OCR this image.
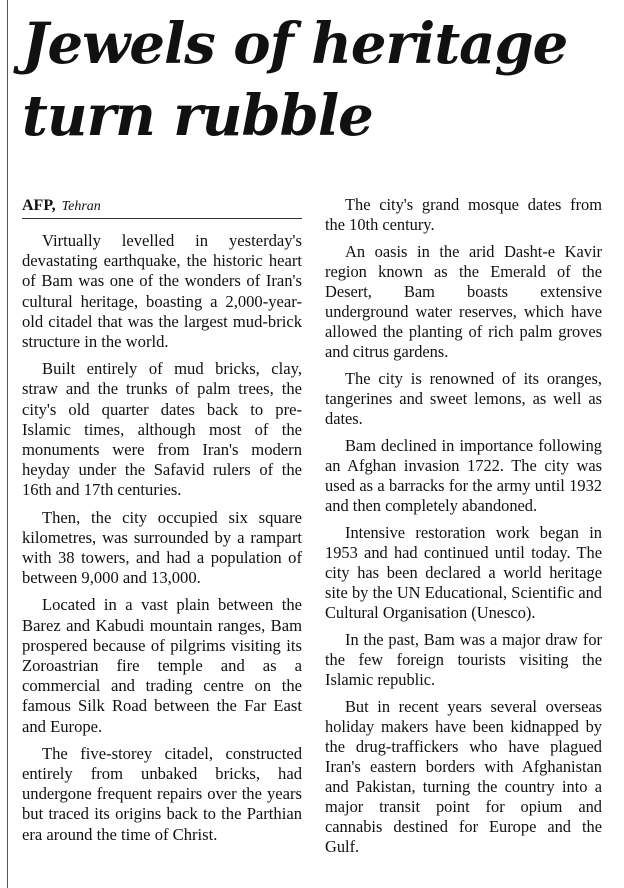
Jewels of heritage
turn rubble
AFP, Tehran

Virtually levelled in yesterday's devastating earthquake, the historic heart of Bam was one of the wonders of Iran's cultural heritage, boasting a 2,000-year-old citadel that was the largest mud-brick structure in the world.

Built entirely of mud bricks, clay, straw and the trunks of palm trees, the city's old quarter dates back to pre-Islamic times, although most of the monuments were from Iran's modern heyday under the Safavid rulers of the 16th and 17th centuries.

Then, the city occupied six square kilometres, was surrounded by a rampart with 38 towers, and had a population of between 9,000 and 13,000.

Located in a vast plain between the Barez and Kabudi mountain ranges, Bam prospered because of pilgrims visiting its Zoroastrian fire temple and as a commercial and trading centre on the famous Silk Road between the Far East and Europe.

The five-storey citadel, constructed entirely from unbaked bricks, had undergone frequent repairs over the years but traced its origins back to the Parthian era around the time of Christ.

The city's grand mosque dates from the 10th century.

An oasis in the arid Dasht-e Kavir region known as the Emerald of the Desert, Bam boasts extensive underground water reserves, which have allowed the planting of rich palm groves and citrus gardens.

The city is renowned of its oranges, tangerines and sweet lemons, as well as dates.

Bam declined in importance following an Afghan invasion 1722. The city was used as a barracks for the army until 1932 and then completely abandoned.

Intensive restoration work began in 1953 and had continued until today. The city has been declared a world heritage site by the UN Educational, Scientific and Cultural Organisation (Unesco).

In the past, Bam was a major draw for the few foreign tourists visiting the Islamic republic.

But in recent years several overseas holiday makers have been kidnapped by the drug-traffickers who have plagued Iran's eastern borders with Afghanistan and Pakistan, turning the country into a major transit point for opium and cannabis destined for Europe and the Gulf.
